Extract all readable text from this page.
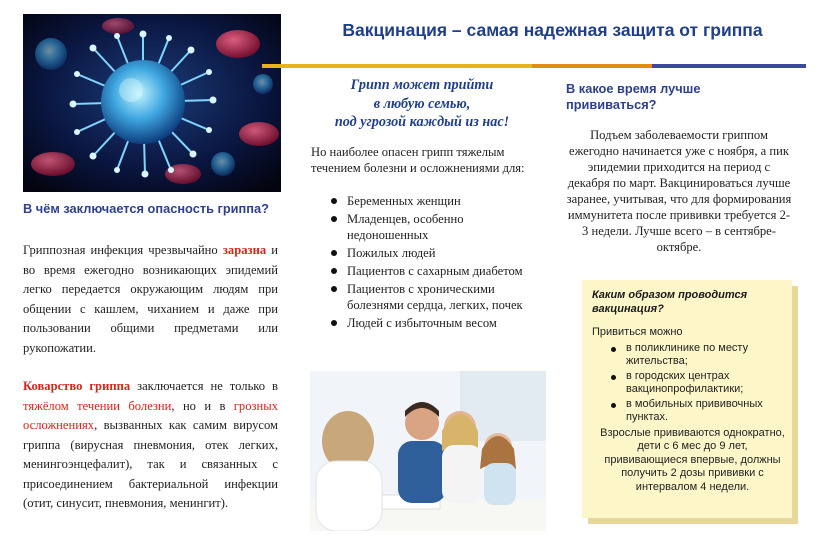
Вакцинация – самая надежная защита от гриппа
В чём заключается опасность гриппа?

Гриппозная инфекция чрезвычайно заразна и во время ежегодно возникающих эпидемий легко передается окружающим людям при общении с кашлем, чиханием и даже при пользовании общими предметами или рукопожатии.

Коварство гриппа заключается не только в тяжёлом течении болезни, но и в грозных осложнениях, вызванных как самим вирусом гриппа (вирусная пневмония, отек легких, менингоэнцефалит), так и связанных с присоединением бактериальной инфекции (отит, синусит, пневмония, менингит).

Грипп может прийти
в любую семью,
под угрозой каждый из нас!

Но наиболее опасен грипп тяжелым течением болезни и осложнениями для:

Беременных женщин
Младенцев, особенно недоношенных
Пожилых людей
Пациентов с сахарным диабетом
Пациентов с хроническими болезнями сердца, легких, почек
Людей с избыточным весом
В какое время лучше прививаться?

Подъем заболеваемости гриппом ежегодно начинается уже с ноября, а пик эпидемии приходится на период с декабря по март. Вакцинироваться лучше заранее, учитывая, что для формирования иммунитета после прививки требуется 2-3 недели. Лучше всего – в сентябре-октябре.

Каким образом проводится вакцинация?
Привиться можно
в поликлинике по месту жительства;
в городских центрах вакцинопрофилактики;
в мобильных прививочных пунктах.
Взрослые прививаются однократно, дети с 6 мес до 9 лет, прививающиеся впервые, должны получить 2 дозы прививки с интервалом 4 недели.
